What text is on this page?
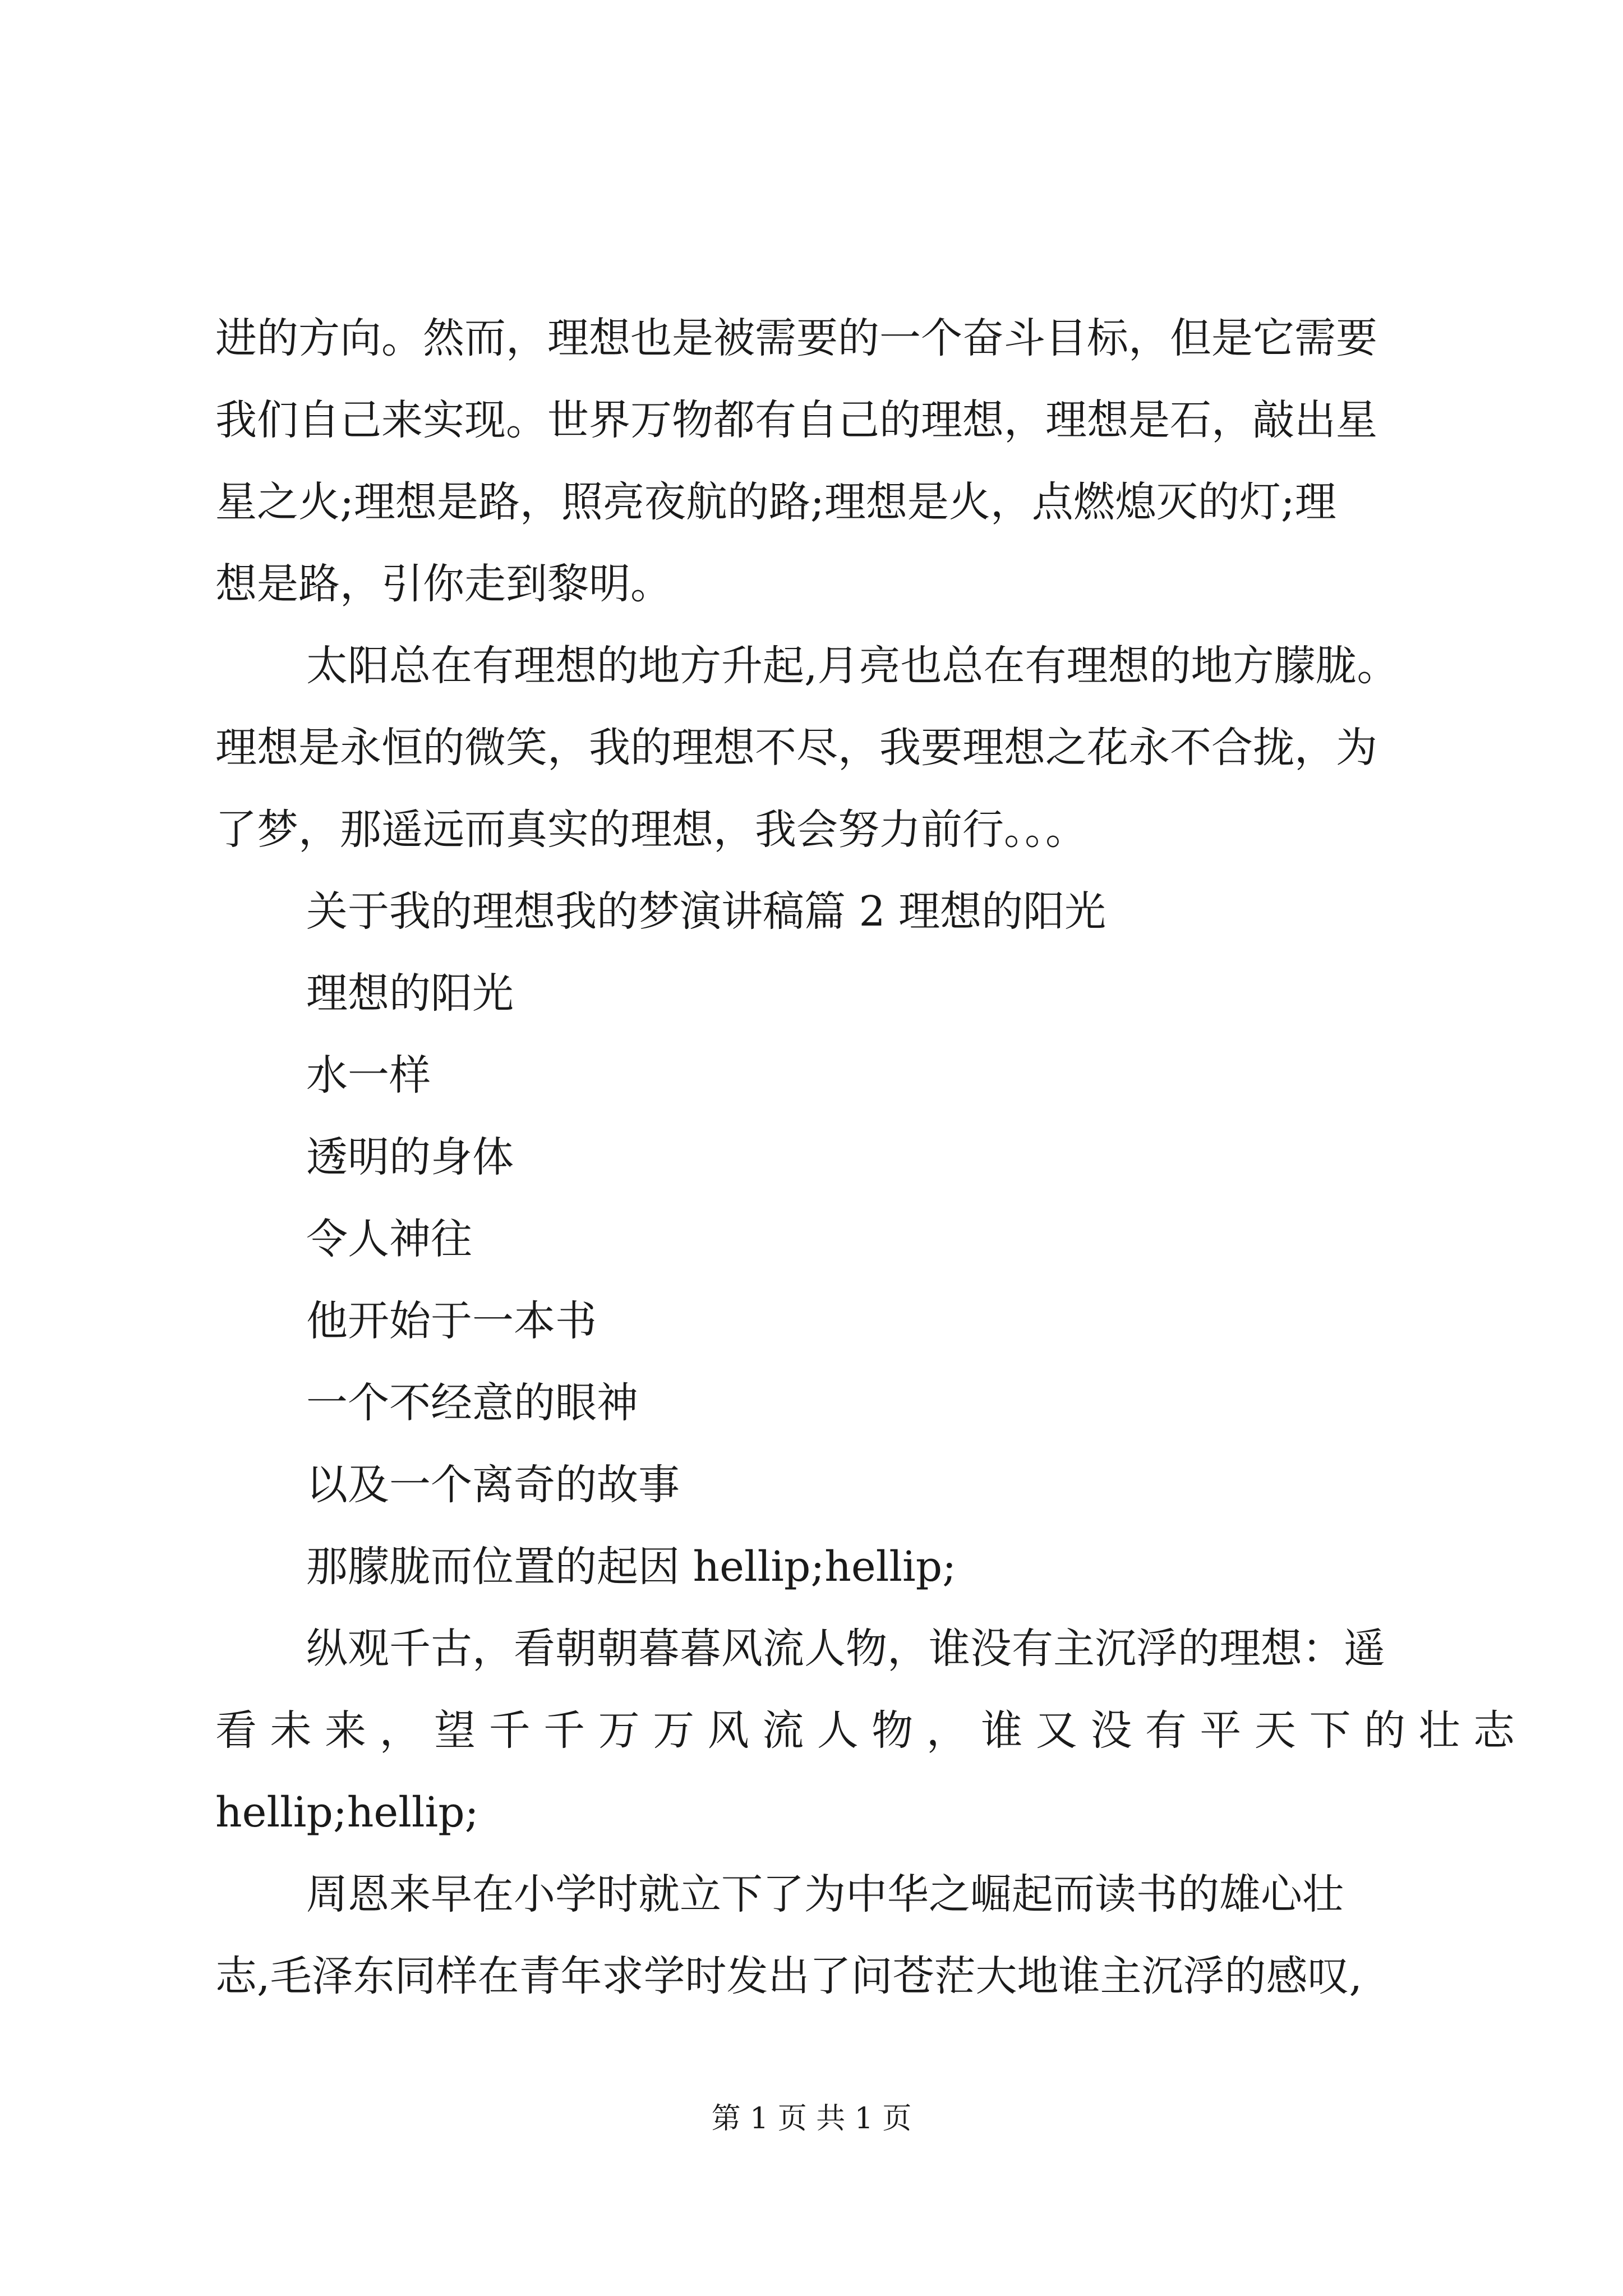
进的方向。然而，理想也是被需要的一个奋斗目标，但是它需要
我们自己来实现。世界万物都有自己的理想，理想是石，敲出星
星之火;理想是路，照亮夜航的路;理想是火，点燃熄灭的灯;理
想是路，引你走到黎明。
太阳总在有理想的地方升起,月亮也总在有理想的地方朦胧。
理想是永恒的微笑，我的理想不尽，我要理想之花永不合拢，为
了梦，那遥远而真实的理想，我会努力前行。。。
关于我的理想我的梦演讲稿篇 2 理想的阳光
理想的阳光
水一样
透明的身体
令人神往
他开始于一本书
一个不经意的眼神
以及一个离奇的故事
那朦胧而位置的起因 hellip;hellip;
纵观千古，看朝朝暮暮风流人物，谁没有主沉浮的理想：遥
看 未 来 ， 望 千 千 万 万 风 流 人 物 ， 谁 又 没 有 平 天 下 的 壮 志
hellip;hellip;
周恩来早在小学时就立下了为中华之崛起而读书的雄心壮
志,毛泽东同样在青年求学时发出了问苍茫大地谁主沉浮的感叹,
第 1 页 共 1 页
